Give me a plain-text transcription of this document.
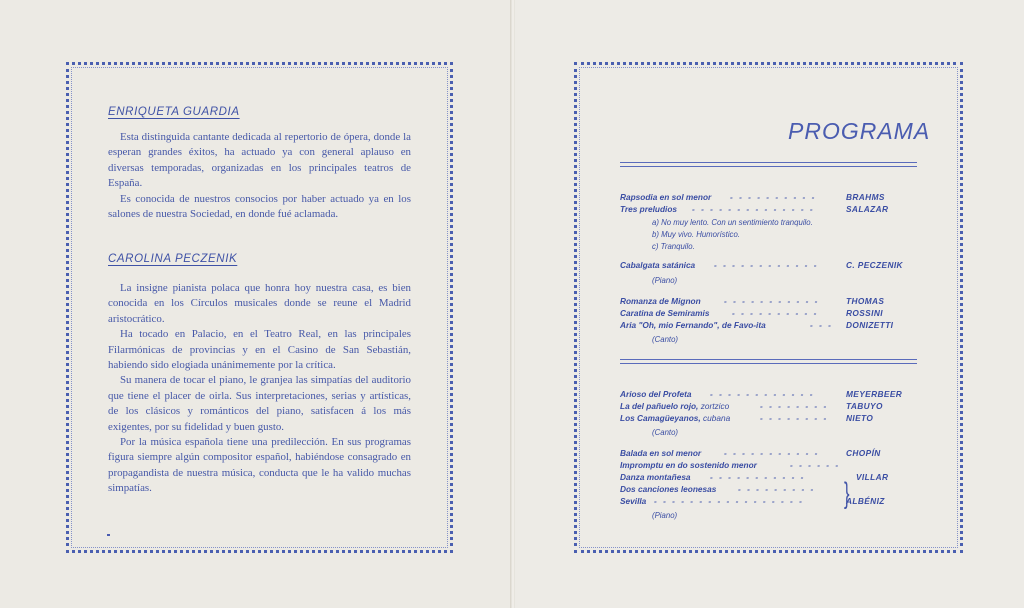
ENRIQUETA GUARDIA

Esta distinguida cantante dedicada al repertorio de ópera, donde la esperan grandes éxitos, ha actuado ya con general aplauso en diversas temporadas, organizadas en los principales teatros de España.

Es conocida de nuestros consocios por haber actuado ya en los salones de nuestra Sociedad, en donde fué aclamada.

CAROLINA PECZENIK

La insigne pianista polaca que honra hoy nuestra casa, es bien conocida en los Círculos musicales donde se reune el Madrid aristocrático.

Ha tocado en Palacio, en el Teatro Real, en las principales Filarmónicas de provincias y en el Casino de San Sebastián, habiendo sido elogiada unánimemente por la crítica.

Su manera de tocar el piano, le granjea las simpatías del auditorio que tiene el placer de oirla. Sus interpretaciones, serias y artísticas, de los clásicos y románticos del piano, satisfacen á los más exigentes, por su fidelidad y buen gusto.

Por la música española tiene una predilección. En sus programas figura siempre algún compositor español, habiéndose consagrado en propagandista de nuestra música, conducta que le ha valido muchas simpatías.

PROGRAMA
Rapsodia en sol menor - - - - - - - - - -	BRAHMS
Tres preludios - - - - - - - - - - - - - -	SALAZAR
a) No muy lento. Con un sentimiento tranquilo.
b) Muy vivo. Humorístico.
c) Tranquilo.
Cabalgata satánica - - - - - - - - - - - -	C. PECZENIK
(Piano)
Romanza de Mignon	- - - - - - - - - - -	THOMAS
Caratina de Semiramis	- - - - - - - - - -	ROSSINI
Aria "Oh, mio Fernando", de Favo-ita	- - - DONIZETTI
(Canto)
Arioso del Profeta - - - - - - - - - - - -	MEYERBEER
La del pañuelo rojo, zortzico	- - - - - - - - TABUYO
Los Camagüeyanos, cubana	- - - - - - - - NIETO
(Canto)
Balada en sol menor	- - - - - - - - - - -	CHOPÍN
Impromptu en do sostenido menor	- - - - - -
Danza montañesa - - - - - - - - - - -	VILLAR
Dos canciones leonesas	- - - - - - - - - }
Sevilla - - - - - - - - - - - - - - - - -	ALBÉNIZ
(Piano)
